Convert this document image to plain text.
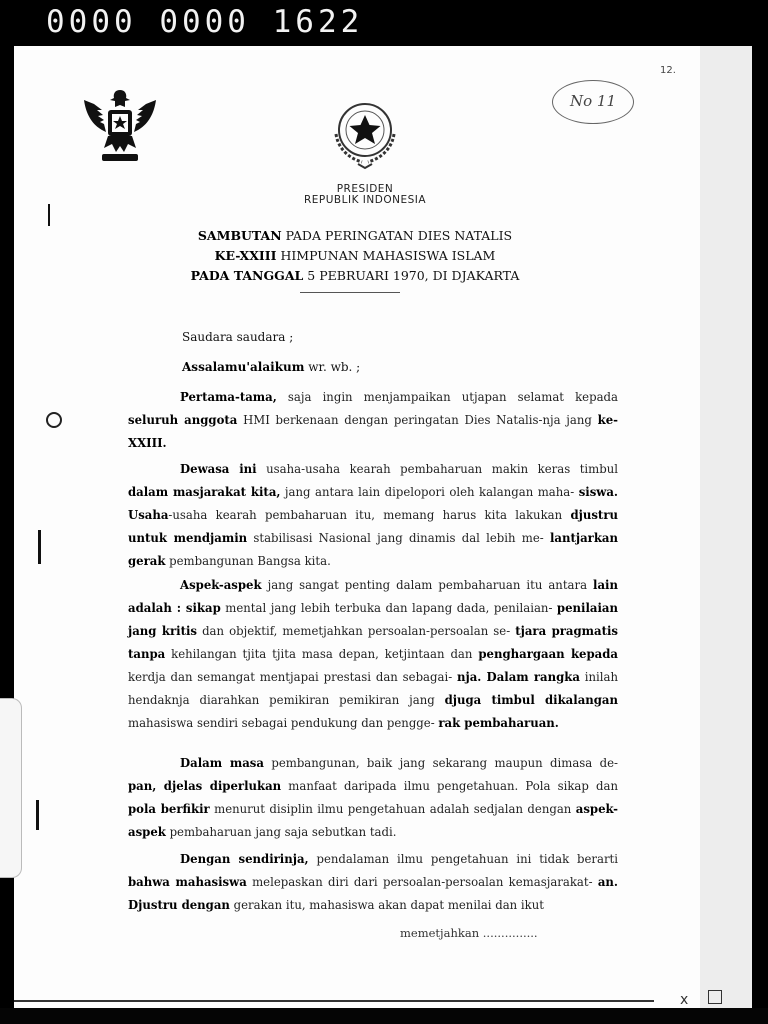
0000 0000 1622
12.
No 11
PRESIDEN
REPUBLIK INDONESIA
SAMBUTAN PADA PERINGATAN DIES NATALIS
KE-XXIII HIMPUNAN MAHASISWA ISLAM
PADA TANGGAL 5 PEBRUARI 1970, DI DJAKARTA
Saudara saudara ;
Assalamu'alaikum wr. wb. ;

Pertama-tama, saja ingin menjampaikan utjapan selamat kepada seluruh anggota HMI berkenaan dengan peringatan Dies Natalis-nja jang ke-XXIII.

Dewasa ini usaha-usaha kearah pembaharuan makin keras timbul dalam masjarakat kita, jang antara lain dipelopori oleh kalangan maha- siswa. Usaha-usaha kearah pembaharuan itu, memang harus kita lakukan djustru untuk mendjamin stabilisasi Nasional jang dinamis dal lebih me- lantjarkan gerak pembangunan Bangsa kita.

Aspek-aspek jang sangat penting dalam pembaharuan itu antara lain adalah : sikap mental jang lebih terbuka dan lapang dada, penilaian- penilaian jang kritis dan objektif, memetjahkan persoalan-persoalan se- tjara pragmatis tanpa kehilangan tjita tjita masa depan, ketjintaan dan penghargaan kepada kerdja dan semangat mentjapai prestasi dan sebagai- nja. Dalam rangka inilah hendaknja diarahkan pemikiran pemikiran jang djuga timbul dikalangan mahasiswa sendiri sebagai pendukung dan pengge- rak pembaharuan.

Dalam masa pembangunan, baik jang sekarang maupun dimasa de- pan, djelas diperlukan manfaat daripada ilmu pengetahuan. Pola sikap dan pola berfikir menurut disiplin ilmu pengetahuan adalah sedjalan dengan aspek-aspek pembaharuan jang saja sebutkan tadi.

Dengan sendirinja, pendalaman ilmu pengetahuan ini tidak berarti bahwa mahasiswa melepaskan diri dari persoalan-persoalan kemasjarakat- an. Djustru dengan gerakan itu, mahasiswa akan dapat menilai dan ikut

memetjahkan ...............
x
